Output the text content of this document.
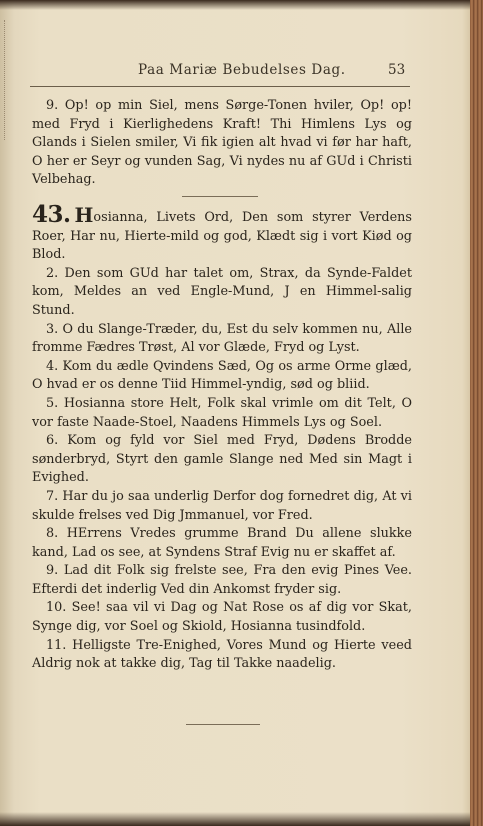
Paa Mariæ Bebudelses Dag.	53

9. Op! op min Siel, mens Sørge-Tonen hviler, Op! op! med Fryd i Kierlighedens Kraft! Thi Himlens Lys og Glands i Sielen smiler, Vi fik igien alt hvad vi før har haft, O her er Seyr og vunden Sag, Vi nydes nu af GUd i Christi Velbehag.

43. Hosianna, Livets Ord, Den som styrer Verdens Roer, Har nu, Hierte-mild og god, Klædt sig i vort Kiød og Blod.

2. Den som GUd har talet om, Strax, da Synde-Faldet kom, Meldes an ved Engle-Mund, J en Himmel-salig Stund.

3. O du Slange-Træder, du, Est du selv kommen nu, Alle fromme Fædres Trøst, Al vor Glæde, Fryd og Lyst.

4. Kom du ædle Qvindens Sæd, Og os arme Orme glæd, O hvad er os denne Tiid Himmel-yndig, sød og bliid.

5. Hosianna store Helt, Folk skal vrimle om dit Telt, O vor faste Naade-Stoel, Naadens Himmels Lys og Soel.

6. Kom og fyld vor Siel med Fryd, Dødens Brodde sønderbryd, Styrt den gamle Slange ned Med sin Magt i Evighed.

7. Har du jo saa underlig Derfor dog fornedret dig, At vi skulde frelses ved Dig Jmmanuel, vor Fred.

8. HErrens Vredes grumme Brand Du allene slukke kand, Lad os see, at Syndens Straf Evig nu er skaffet af.

9. Lad dit Folk sig frelste see, Fra den evig Pines Vee. Efterdi det inderlig Ved din Ankomst fryder sig.

10. See! saa vil vi Dag og Nat Rose os af dig vor Skat, Synge dig, vor Soel og Skiold, Hosianna tusindfold.

11. Helligste Tre-Enighed, Vores Mund og Hierte veed Aldrig nok at takke dig, Tag til Takke naadelig.
